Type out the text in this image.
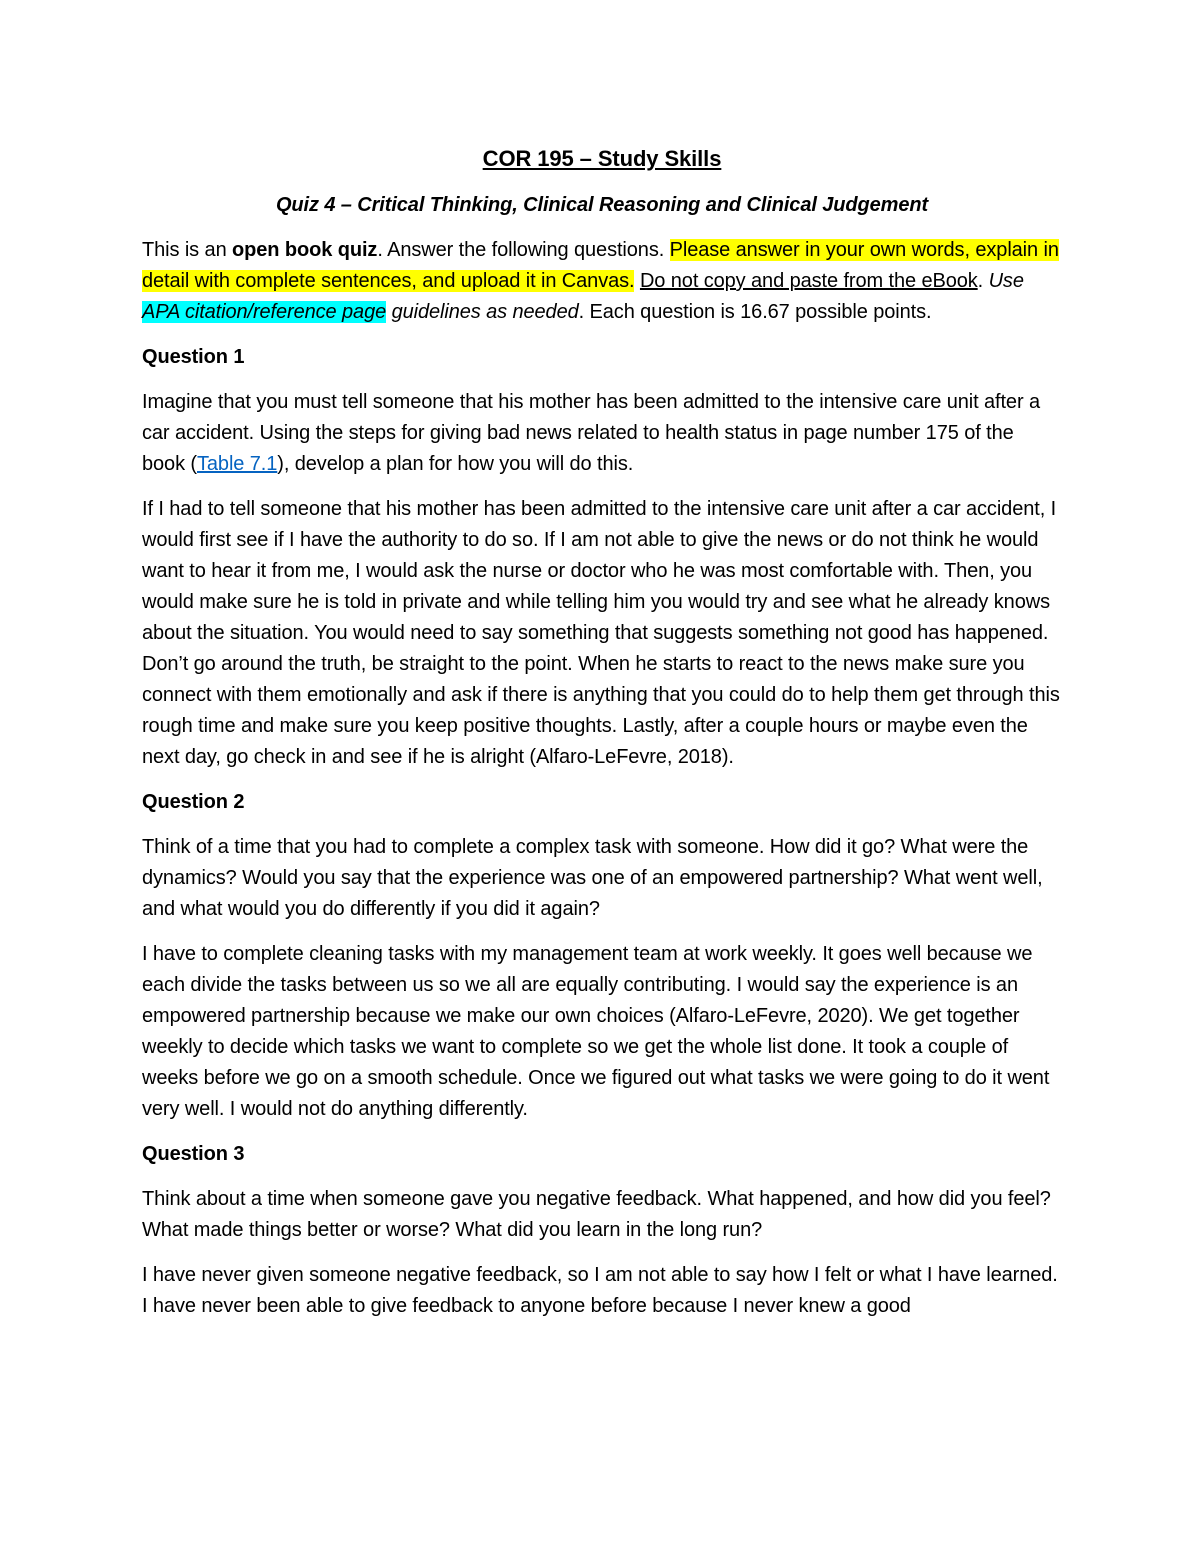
COR 195 – Study Skills
Quiz 4 – Critical Thinking, Clinical Reasoning and Clinical Judgement

This is an open book quiz. Answer the following questions. Please answer in your own words, explain in detail with complete sentences, and upload it in Canvas. Do not copy and paste from the eBook. Use APA citation/reference page guidelines as needed. Each question is 16.67 possible points.

Question 1

Imagine that you must tell someone that his mother has been admitted to the intensive care unit after a car accident. Using the steps for giving bad news related to health status in page number 175 of the book (Table 7.1), develop a plan for how you will do this.

If I had to tell someone that his mother has been admitted to the intensive care unit after a car accident, I would first see if I have the authority to do so. If I am not able to give the news or do not think he would want to hear it from me, I would ask the nurse or doctor who he was most comfortable with. Then, you would make sure he is told in private and while telling him you would try and see what he already knows about the situation. You would need to say something that suggests something not good has happened. Don’t go around the truth, be straight to the point. When he starts to react to the news make sure you connect with them emotionally and ask if there is anything that you could do to help them get through this rough time and make sure you keep positive thoughts. Lastly, after a couple hours or maybe even the next day, go check in and see if he is alright (Alfaro-LeFevre, 2018).

Question 2

Think of a time that you had to complete a complex task with someone. How did it go? What were the dynamics? Would you say that the experience was one of an empowered partnership? What went well, and what would you do differently if you did it again?

I have to complete cleaning tasks with my management team at work weekly. It goes well because we each divide the tasks between us so we all are equally contributing. I would say the experience is an empowered partnership because we make our own choices (Alfaro-LeFevre, 2020). We get together weekly to decide which tasks we want to complete so we get the whole list done. It took a couple of weeks before we go on a smooth schedule. Once we figured out what tasks we were going to do it went very well. I would not do anything differently.

Question 3

Think about a time when someone gave you negative feedback. What happened, and how did you feel? What made things better or worse? What did you learn in the long run?

I have never given someone negative feedback, so I am not able to say how I felt or what I have learned. I have never been able to give feedback to anyone before because I never knew a good
